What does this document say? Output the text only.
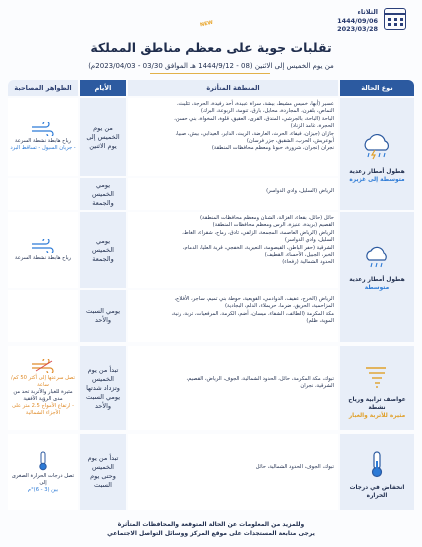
الثلاثاء
1444/09/06
2023/03/28
NEW
تقلبات جوية على معظم مناطق المملكة
من يوم الخميس إلى الاثنين (08 - 1444/9/12 هـ الموافق 03/30 - 2023/04/03م)
نوع الحالة
المنطقة المتأثرة
الأيام
الظواهر المصاحبة
هطول أمطار رعدية
متوسطة إلى غزيرة
عسير (أبها، خميس مشيط، بيشة، سراة عبيدة، أحد رفيدة، الحرجة، تثليث،
النماص، بلقرن، المجاردة، محايل، بارق، تنومة، الربوعة، البرك)
الباحة (الباحة، بالجرشي، المندق، القرى، العقيق، قلوة، المخواة، بني حسن،
الحجرة، غامد الزناد)
جازان (جيزان، فيفاء، الحرث، العارضة، الريث، الداير، العيدابي، بيش، صبيا،
أبوعريش، الحرب، الشقيق، جزر فرسان)
نجران (نجران، شرورة، حبونا ومعظم محافظات المنطقة)
من يوم
الخميس إلى
يوم الاثنين
رياح هابطة نشطة السرعة
- جريان السيول - تساقط البرد
الرياض (السليل، وادي الدواسر)
يومي
الخميس
والجمعة
هطول أمطار رعدية
متوسطة
حائل (حائل، بقعاء، الغزالة، الشنان ومعظم محافظات المنطقة)
القصيم (بريدة، عنيزة، الرس ومعظم محافظات المنطقة)
الرياض (الرياض العاصمة، المجمعة، الزلفي، ثادق، رماح، شقراء، الغاط،
السليل، وادي الدواسر)
الشرقية (حفر الباطن، القيصومة، النعيرية، الخفجي، قرية العليا، الدمام،
الخبر، الجبيل، الأحساء، القطيف)
الحدود الشمالية (رفحاء)
يومي
الخميس
والجمعة
رياح هابطة نشطة السرعة
الرياض (الخرج، عفيف، الدوادمي، القويعية، حوطة بني تميم، ساجر، الأفلاج،
المزاحمية، الحريق، ضرما، حريملاء، الدلم، البجادية)
مكة المكرمة (الطائف، الشفاء، ميسان، أضم، الكرمة، المرفعيات، تربة، رنية،
الموية، ظلم)
يومي السبت
والأحد
عواصف ترابية ورياح نشطة
مثيرة للأتربة والغبار
تبوك، مكة المكرمة، حائل، الحدود الشمالية، الجوف، الرياض، القصيم،
الشرقية، نجران
تبدأ من يوم
الخميس
وتزداد شدتها
يومي السبت
والأحد
تصل سرعتها إلى أكثر 50 كم/ساعة
مثيرة للغبار والأتربة تحد من مدى الرؤية الأفقية
- ارتفاع الأمواج 2.5 متر على الأجزاء الشمالية
انخفاض في درجات الحرارة
تبوك، الجوف، الحدود الشمالية، حائل
تبدأ من يوم
الخميس
وحتى يوم
السبت
تصل درجات الحرارة الصغرى إلى
بين (3 - 6)°م
وللمزيد من المعلومات عن الحالة المتوقعة والمحافظات المتأثرة
يرجى متابعة المستجدات على موقع المركز ووسائل التواصل الاجتماعي
